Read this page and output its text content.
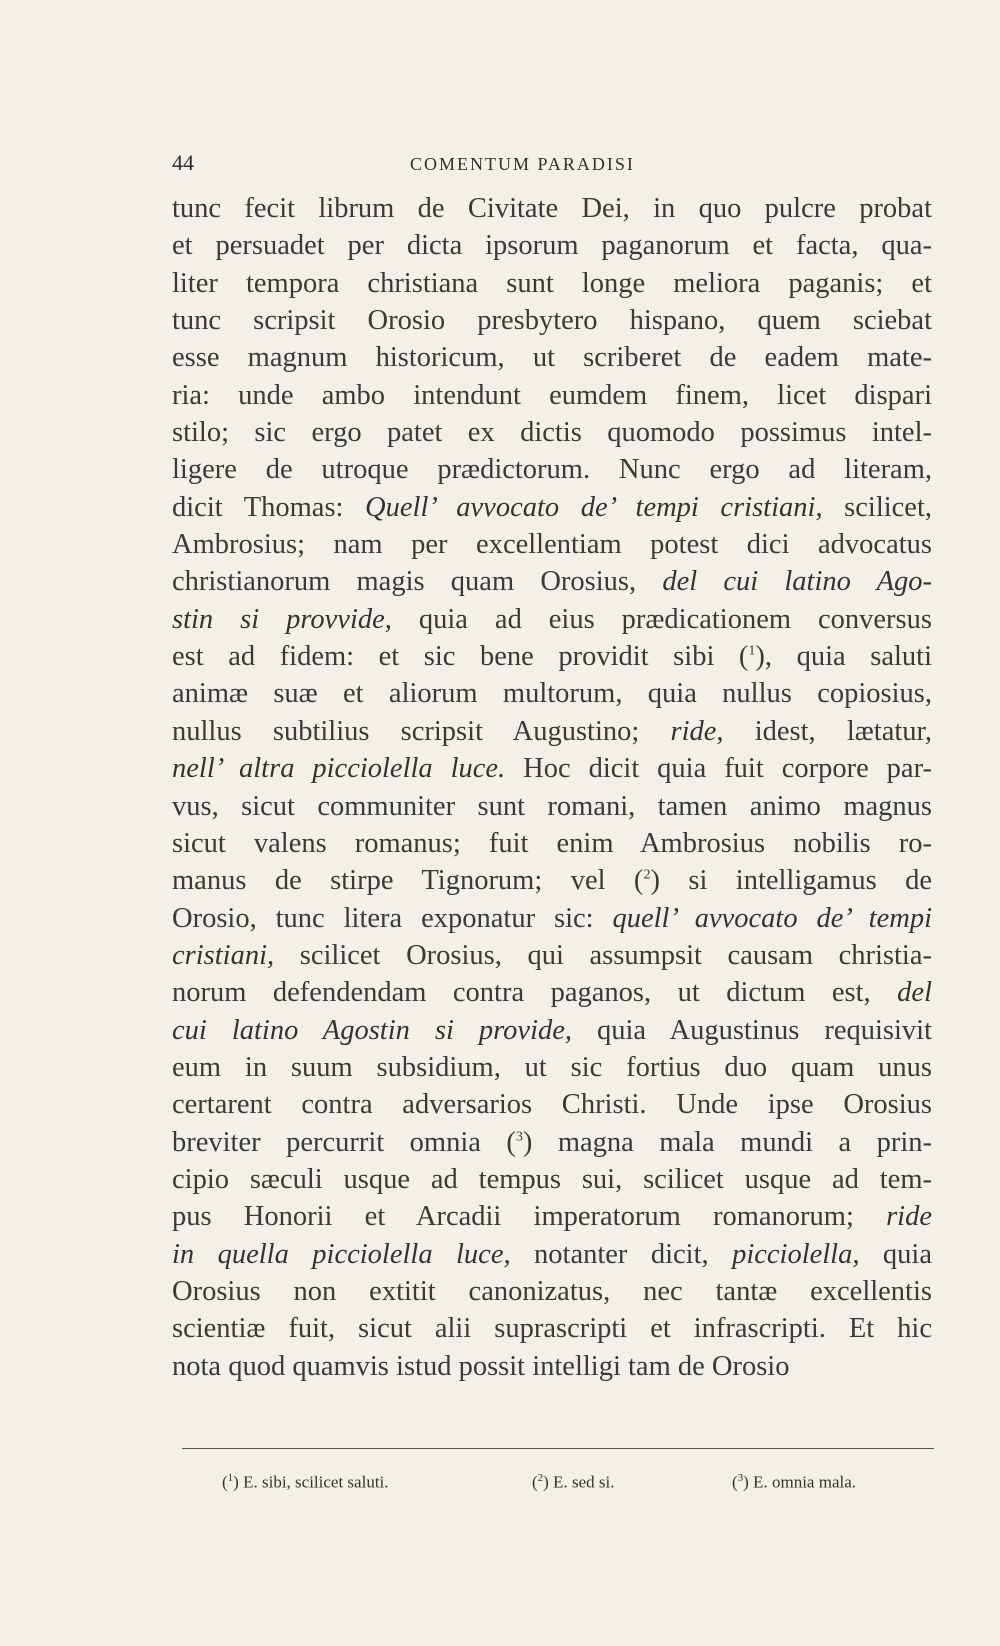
44	COMENTUM PARADISI
tunc fecit librum de Civitate Dei, in quo pulcre probat
et persuadet per dicta ipsorum paganorum et facta, qua-
liter tempora christiana sunt longe meliora paganis; et
tunc scripsit Orosio presbytero hispano, quem sciebat
esse magnum historicum, ut scriberet de eadem mate-
ria: unde ambo intendunt eumdem finem, licet dispari
stilo; sic ergo patet ex dictis quomodo possimus intel-
ligere de utroque prædictorum. Nunc ergo ad literam,
dicit Thomas: Quell’ avvocato de’ tempi cristiani, scilicet,
Ambrosius; nam per excellentiam potest dici advocatus
christianorum magis quam Orosius, del cui latino Ago-
stin si provvide, quia ad eius prædicationem conversus
est ad fidem: et sic bene providit sibi ($^1$), quia saluti
animæ suæ et aliorum multorum, quia nullus copiosius,
nullus subtilius scripsit Augustino; ride, idest, lætatur,
nell’ altra picciolella luce. Hoc dicit quia fuit corpore par-
vus, sicut communiter sunt romani, tamen animo magnus
sicut valens romanus; fuit enim Ambrosius nobilis ro-
manus de stirpe Tignorum; vel ($^2$) si intelligamus de
Orosio, tunc litera exponatur sic: quell’ avvocato de’ tempi
cristiani, scilicet Orosius, qui assumpsit causam christia-
norum defendendam contra paganos, ut dictum est, del
cui latino Agostin si provide, quia Augustinus requisivit
eum in suum subsidium, ut sic fortius duo quam unus
certarent contra adversarios Christi. Unde ipse Orosius
breviter percurrit omnia ($^3$) magna mala mundi a prin-
cipio sæculi usque ad tempus sui, scilicet usque ad tem-
pus Honorii et Arcadii imperatorum romanorum; ride
in quella picciolella luce, notanter dicit, picciolella, quia
Orosius non extitit canonizatus, nec tantæ excellentis
scientiæ fuit, sicut alii suprascripti et infrascripti. Et hic
nota quod quamvis istud possit intelligi tam de Orosio
($^1$) E. sibi, scilicet saluti.	($^2$) E. sed si.	($^3$) E. omnia mala.
